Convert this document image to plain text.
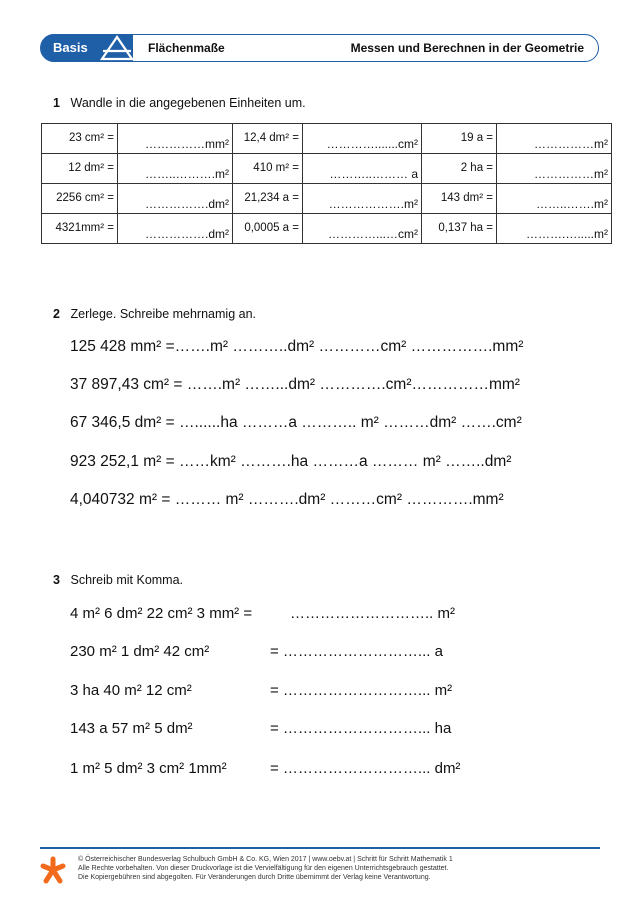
Basis	Flächenmaße	Messen und Berechnen in der Geometrie
1 Wandle in die angegebenen Einheiten um.
23 cm² =	……………mm²	12,4 dm² =	………….......cm²	19 a =	……………m²
12 dm² =	……..……….m²	410 m² =	………..……… a	2 ha =	……………m²
2256 cm² =	…………….dm²	21,234 a =	……………….m²	143 dm² =	……..…….m²
4321mm² =	…………….dm²	0,0005 a =	…………...…cm²	0,137 ha =	……….….....m²
2 Zerlege. Schreibe mehrnamig an.
125 428 mm² =…….m² ………..dm² …………cm² …………….mm²
37 897,43 cm² = …….m² ……...dm² ………….cm²……………mm²
67 346,5 dm² = …......ha ………a ……….. m² ………dm² …….cm²
923 252,1 m² = ……km² ……….ha ………a ……… m² ……..dm²
4,040732 m² = ……… m² ……….dm² ………cm² ………….mm²
3 Schreib mit Komma.
4 m² 6 dm² 22 cm² 3 mm² =	……………………….. m²
230 m² 1 dm² 42 cm²	= ………………………... a
3 ha 40 m² 12 cm²	= ………………………... m²
143 a 57 m² 5 dm²	= ………………………... ha
1 m² 5 dm² 3 cm² 1mm²	= ………………………... dm²
© Österreichischer Bundesverlag Schulbuch GmbH & Co. KG, Wien 2017 | www.oebv.at | Schritt für Schritt Mathematik 1
Alle Rechte vorbehalten. Von dieser Druckvorlage ist die Vervielfältigung für den eigenen Unterrichtsgebrauch gestattet.
Die Kopiergebühren sind abgegolten. Für Veränderungen durch Dritte übernimmt der Verlag keine Verantwortung.
